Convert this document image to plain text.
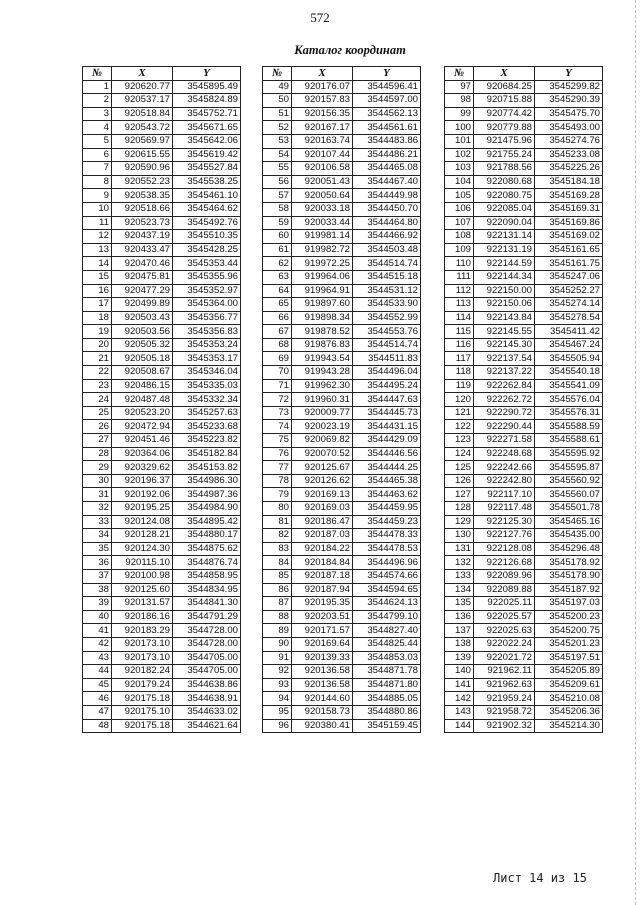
572
Каталог координат
№	X	Y
1	920620.77	3545895.49
2	920537.17	3545824.89
3	920518.84	3545752.71
4	920543.72	3545671.65
5	920569.97	3545642.06
6	920615.55	3545619.42
7	920590.96	3545527.84
8	920552.23	3545538.25
9	920538.35	3545461.10
10	920518.66	3545464.62
11	920523.73	3545492.76
12	920437.19	3545510.35
13	920433.47	3545428.25
14	920470.46	3545353.44
15	920475.81	3545355.96
16	920477.29	3545352.97
17	920499.89	3545364.00
18	920503.43	3545356.77
19	920503.56	3545356.83
20	920505.32	3545353.24
21	920505.18	3545353.17
22	920508.67	3545346.04
23	920486.15	3545335.03
24	920487.48	3545332.34
25	920523.20	3545257.63
26	920472.94	3545233.68
27	920451.46	3545223.82
28	920364.06	3545182.84
29	920329.62	3545153.82
30	920196.37	3544986.30
31	920192.06	3544987.36
32	920195.25	3544984.90
33	920124.08	3544895.42
34	920128.21	3544880.17
35	920124.30	3544875.62
36	920115.10	3544876.74
37	920100.98	3544858.95
38	920125.60	3544834.95
39	920131.57	3544841.30
40	920186.16	3544791.29
41	920183.29	3544728.00
42	920173.10	3544728.00
43	920173.10	3544705.00
44	920182.24	3544705.00
45	920179.24	3544638.86
46	920175.18	3544638.91
47	920175.10	3544633.02
48	920175.18	3544621.64
№	X	Y
49	920176.07	3544596.41
50	920157.83	3544597.00
51	920156.35	3544562.13
52	920167.17	3544561.61
53	920163.74	3544483.86
54	920107.44	3544486.21
55	920106.58	3544465.08
56	920051.43	3544467.40
57	920050.64	3544449.98
58	920033.18	3544450.70
59	920033.44	3544464.80
60	919981.14	3544466.92
61	919982.72	3544503.48
62	919972.25	3544514.74
63	919964.06	3544515.18
64	919964.91	3544531.12
65	919897.60	3544533.90
66	919898.34	3544552.99
67	919878.52	3544553.76
68	919876.83	3544514.74
69	919943.54	3544511.83
70	919943.28	3544496.04
71	919962.30	3544495.24
72	919960.31	3544447.63
73	920009.77	3544445.73
74	920023.19	3544431.15
75	920069.82	3544429.09
76	920070.52	3544446.56
77	920125.67	3544444.25
78	920126.62	3544465.38
79	920169.13	3544463.62
80	920169.03	3544459.95
81	920186.47	3544459.23
82	920187.03	3544478.33
83	920184.22	3544478.53
84	920184.84	3544496.96
85	920187.18	3544574.66
86	920187.94	3544594.65
87	920195.35	3544624.13
88	920203.51	3544799.10
89	920171.57	3544827.40
90	920169.64	3544825.44
91	920139.33	3544853.03
92	920136.58	3544871.78
93	920136.58	3544871.80
94	920144.60	3544885.05
95	920158.73	3544880.86
96	920380.41	3545159.45
№	X	Y
97	920684.25	3545299.82
98	920715.88	3545290.39
99	920774.42	3545475.70
100	920779.88	3545493.00
101	921475.96	3545274.76
102	921755.24	3545233.08
103	921788.56	3545225.26
104	922080.68	3545184.18
105	922080.75	3545169.28
106	922085.04	3545169.31
107	922090.04	3545169.86
108	922131.14	3545169.02
109	922131.19	3545161.65
110	922144.59	3545161.75
111	922144.34	3545247.06
112	922150.00	3545252.27
113	922150.06	3545274.14
114	922143.84	3545278.54
115	922145.55	3545411.42
116	922145.30	3545467.24
117	922137.54	3545505.94
118	922137.22	3545540.18
119	922262.84	3545541.09
120	922262.72	3545576.04
121	922290.72	3545576.31
122	922290.44	3545588.59
123	922271.58	3545588.61
124	922248.68	3545595.92
125	922242.66	3545595.87
126	922242.80	3545560.92
127	922117.10	3545560.07
128	922117.48	3545501.78
129	922125.30	3545465.16
130	922127.76	3545435.00
131	922128.08	3545296.48
132	922126.68	3545178.92
133	922089.96	3545178.90
134	922089.88	3545187.92
135	922025.11	3545197.03
136	922025.57	3545200.23
137	922025.63	3545200.75
138	922022.24	3545201.23
139	922021.72	3545197.51
140	921962.11	3545205.89
141	921962.63	3545209.61
142	921959.24	3545210.08
143	921958.72	3545206.36
144	921902.32	3545214.30
Лист 14 из 15
